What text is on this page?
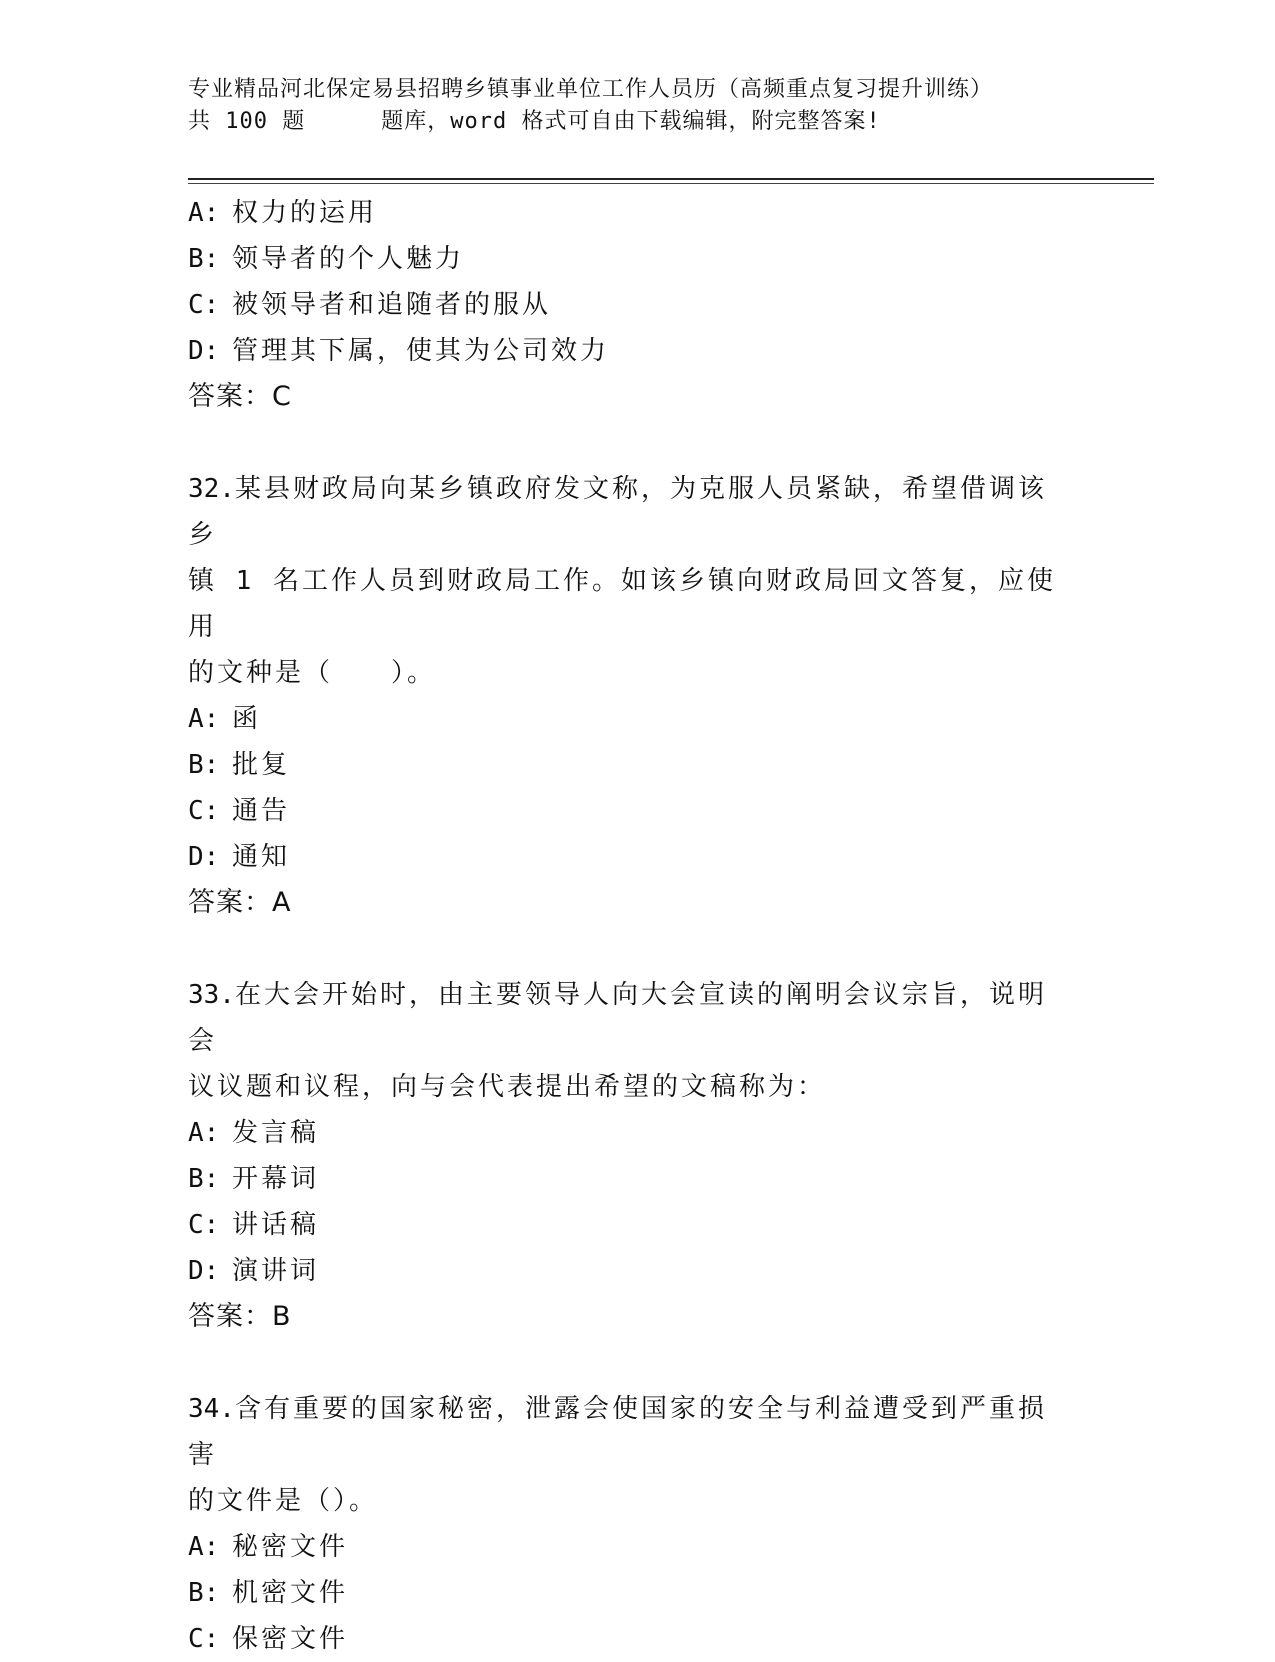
专业精品河北保定易县招聘乡镇事业单位工作人员历（高频重点复习提升训练）
共 100 题	题库，word 格式可自由下载编辑，附完整答案!
A: 权力的运用
B: 领导者的个人魅力
C: 被领导者和追随者的服从
D: 管理其下属，使其为公司效力
答案：C
32.某县财政局向某乡镇政府发文称，为克服人员紧缺，希望借调该乡
镇 1 名工作人员到财政局工作。如该乡镇向财政局回文答复，应使用
的文种是（　　）。
A: 函
B: 批复
C: 通告
D: 通知
答案：A
33.在大会开始时，由主要领导人向大会宣读的阐明会议宗旨，说明会
议议题和议程，向与会代表提出希望的文稿称为：
A: 发言稿
B: 开幕词
C: 讲话稿
D: 演讲词
答案：B
34.含有重要的国家秘密，泄露会使国家的安全与利益遭受到严重损害
的文件是（）。
A: 秘密文件
B: 机密文件
C: 保密文件
